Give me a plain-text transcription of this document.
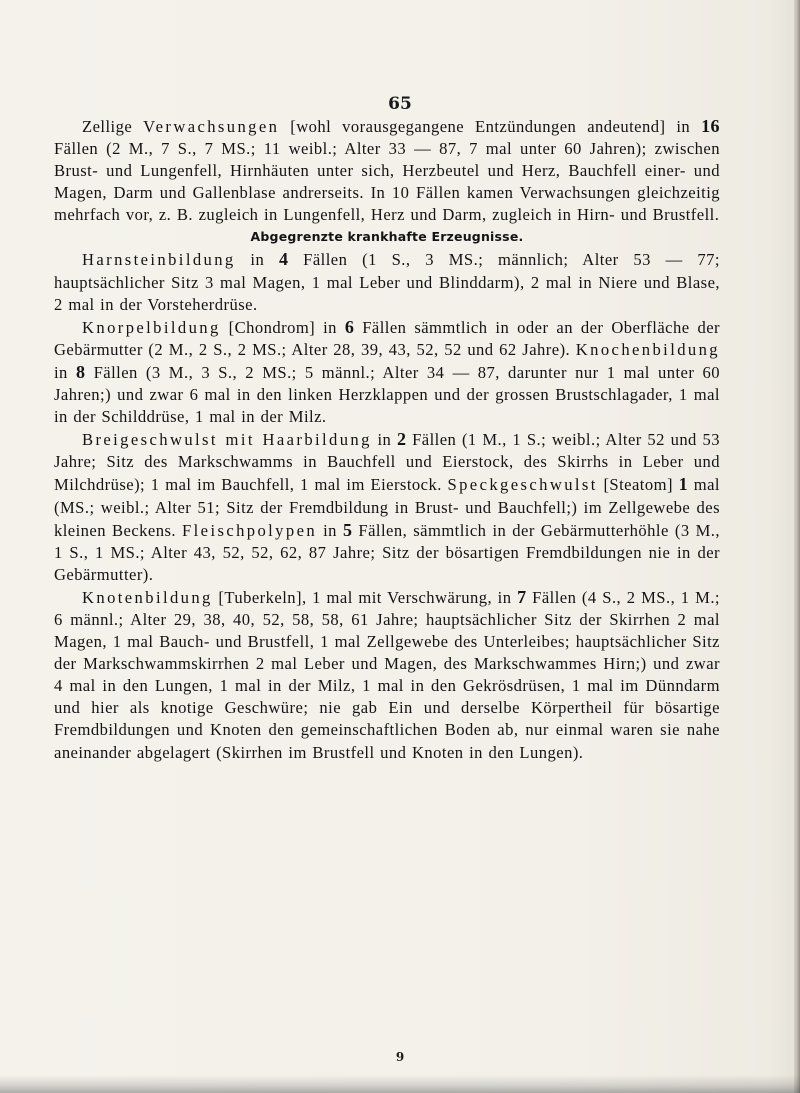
65

Zellige Verwachsungen [wohl vorausgegangene Entzündungen andeutend] in 16 Fällen (2 M., 7 S., 7 MS.; 11 weibl.; Alter 33 — 87, 7 mal unter 60 Jahren); zwischen Brust- und Lungenfell, Hirnhäuten unter sich, Herzbeutel und Herz, Bauchfell einer- und Magen, Darm und Gallenblase andrerseits. In 10 Fällen kamen Verwachsungen gleichzeitig mehrfach vor, z. B. zugleich in Lungenfell, Herz und Darm, zugleich in Hirn- und Brustfell.

Abgegrenzte krankhafte Erzeugnisse.

Harnsteinbildung in 4 Fällen (1 S., 3 MS.; männlich; Alter 53 — 77; hauptsächlicher Sitz 3 mal Magen, 1 mal Leber und Blinddarm), 2 mal in Niere und Blase, 2 mal in der Vorsteherdrüse.

Knorpelbildung [Chondrom] in 6 Fällen sämmtlich in oder an der Oberfläche der Gebärmutter (2 M., 2 S., 2 MS.; Alter 28, 39, 43, 52, 52 und 62 Jahre). Knochenbildung in 8 Fällen (3 M., 3 S., 2 MS.; 5 männl.; Alter 34 — 87, darunter nur 1 mal unter 60 Jahren;) und zwar 6 mal in den linken Herzklappen und der grossen Brustschlagader, 1 mal in der Schilddrüse, 1 mal in der Milz.

Breigeschwulst mit Haarbildung in 2 Fällen (1 M., 1 S.; weibl.; Alter 52 und 53 Jahre; Sitz des Markschwamms in Bauchfell und Eierstock, des Skirrhs in Leber und Milchdrüse); 1 mal im Bauchfell, 1 mal im Eierstock. Speckgeschwulst [Steatom] 1 mal (MS.; weibl.; Alter 51; Sitz der Fremdbildung in Brust- und Bauchfell;) im Zellgewebe des kleinen Beckens. Fleischpolypen in 5 Fällen, sämmtlich in der Gebärmutterhöhle (3 M., 1 S., 1 MS.; Alter 43, 52, 52, 62, 87 Jahre; Sitz der bösartigen Fremdbildungen nie in der Gebärmutter).

Knotenbildung [Tuberkeln], 1 mal mit Verschwärung, in 7 Fällen (4 S., 2 MS., 1 M.; 6 männl.; Alter 29, 38, 40, 52, 58, 58, 61 Jahre; hauptsächlicher Sitz der Skirrhen 2 mal Magen, 1 mal Bauch- und Brustfell, 1 mal Zellgewebe des Unterleibes; hauptsächlicher Sitz der Markschwammskirrhen 2 mal Leber und Magen, des Markschwammes Hirn;) und zwar 4 mal in den Lungen, 1 mal in der Milz, 1 mal in den Gekrösdrüsen, 1 mal im Dünndarm und hier als knotige Geschwüre; nie gab Ein und derselbe Körpertheil für bösartige Fremdbildungen und Knoten den gemeinschaftlichen Boden ab, nur einmal waren sie nahe aneinander abgelagert (Skirrhen im Brustfell und Knoten in den Lungen).

9
